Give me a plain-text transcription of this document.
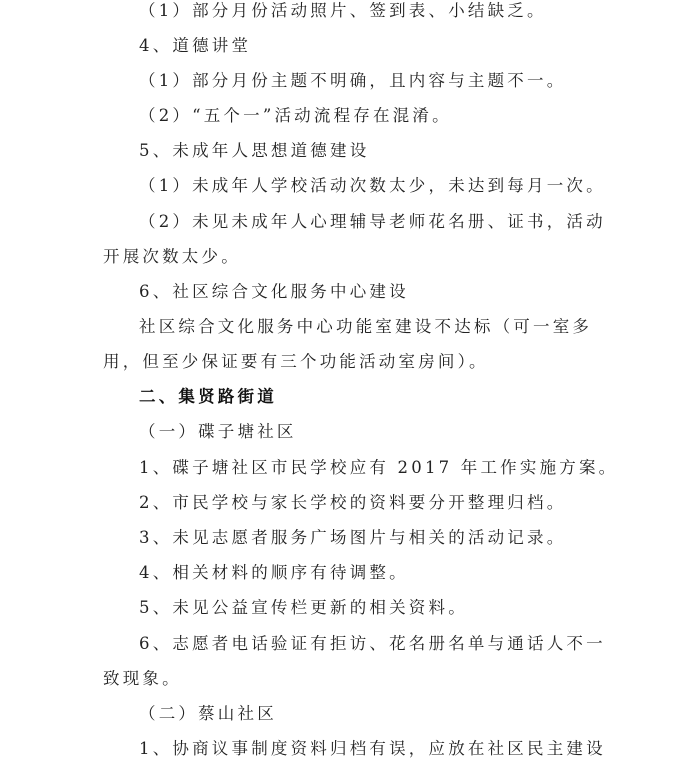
（1）部分月份活动照片、签到表、小结缺乏。
4、道德讲堂
（1）部分月份主题不明确，且内容与主题不一。
（2）“五个一”活动流程存在混淆。
5、未成年人思想道德建设
（1）未成年人学校活动次数太少，未达到每月一次。
（2）未见未成年人心理辅导老师花名册、证书，活动
开展次数太少。
6、社区综合文化服务中心建设
社区综合文化服务中心功能室建设不达标（可一室多
用，但至少保证要有三个功能活动室房间）。
二、集贤路街道
（一）碟子塘社区
1、碟子塘社区市民学校应有 2017 年工作实施方案。
2、市民学校与家长学校的资料要分开整理归档。
3、未见志愿者服务广场图片与相关的活动记录。
4、相关材料的顺序有待调整。
5、未见公益宣传栏更新的相关资料。
6、志愿者电话验证有拒访、花名册名单与通话人不一
致现象。
（二）蔡山社区
1、协商议事制度资料归档有误，应放在社区民主建设
